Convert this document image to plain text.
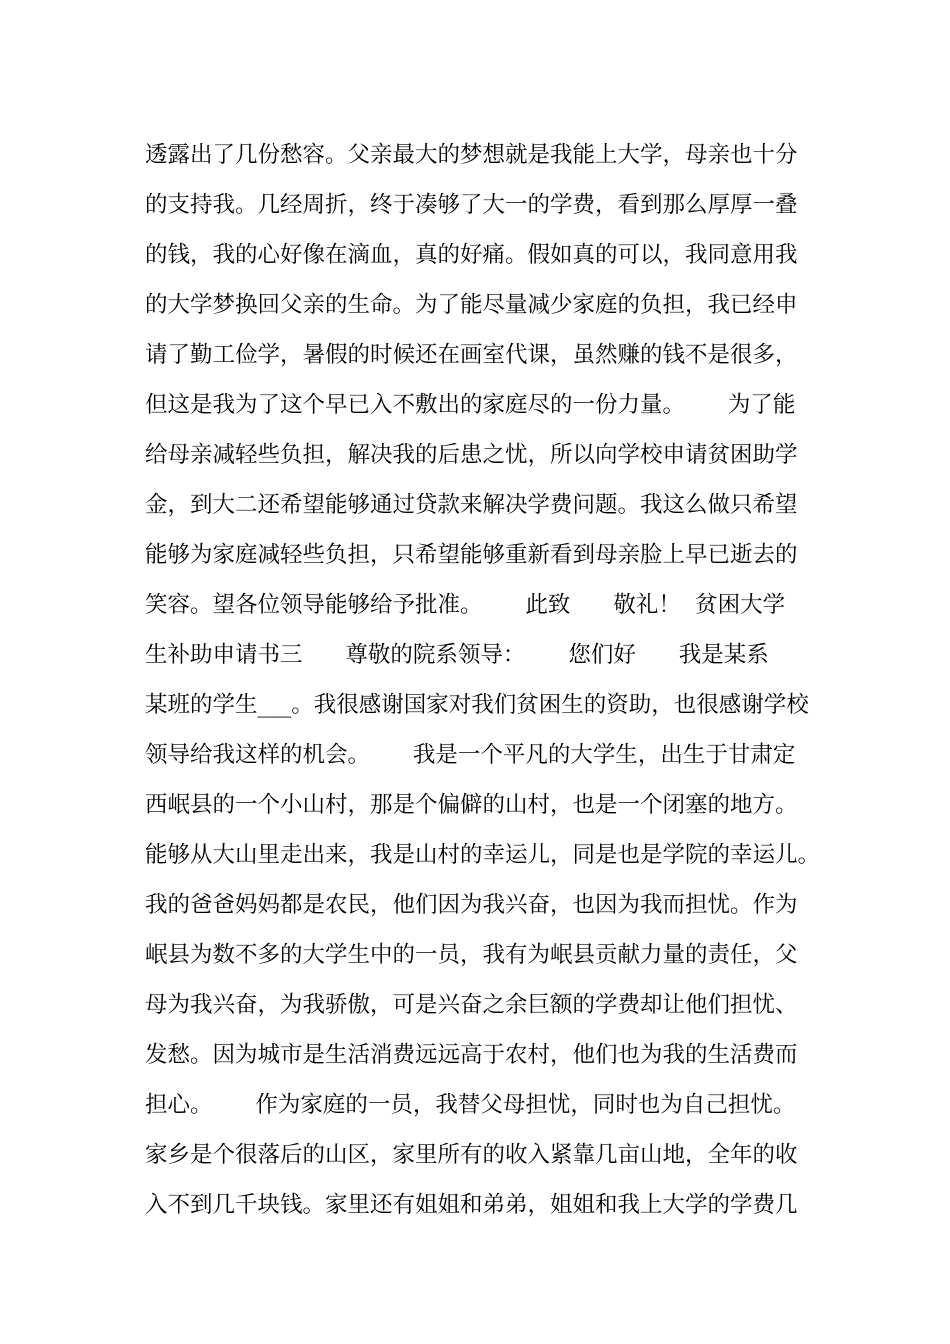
透露出了几份愁容。父亲最大的梦想就是我能上大学，母亲也十分
的支持我。几经周折，终于凑够了大一的学费，看到那么厚厚一叠
的钱，我的心好像在滴血，真的好痛。假如真的可以，我同意用我
的大学梦换回父亲的生命。为了能尽量减少家庭的负担，我已经申
请了勤工俭学，暑假的时候还在画室代课，虽然赚的钱不是很多，
但这是我为了这个早已入不敷出的家庭尽的一份力量。      为了能
给母亲减轻些负担，解决我的后患之忧，所以向学校申请贫困助学
金，到大二还希望能够通过贷款来解决学费问题。我这么做只希望
能够为家庭减轻些负担，只希望能够重新看到母亲脸上早已逝去的
笑容。望各位领导能够给予批准。      此致      敬礼！  贫困大学
生补助申请书三      尊敬的院系领导：      您们好      我是某系
某班的学生___。我很感谢国家对我们贫困生的资助，也很感谢学校
领导给我这样的机会。      我是一个平凡的大学生，出生于甘肃定
西岷县的一个小山村，那是个偏僻的山村，也是一个闭塞的地方。
能够从大山里走出来，我是山村的幸运儿，同是也是学院的幸运儿。
我的爸爸妈妈都是农民，他们因为我兴奋，也因为我而担忧。作为
岷县为数不多的大学生中的一员，我有为岷县贡献力量的责任，父
母为我兴奋，为我骄傲，可是兴奋之余巨额的学费却让他们担忧、
发愁。因为城市是生活消费远远高于农村，他们也为我的生活费而
担心。      作为家庭的一员，我替父母担忧，同时也为自己担忧。
家乡是个很落后的山区，家里所有的收入紧靠几亩山地，全年的收
入不到几千块钱。家里还有姐姐和弟弟，姐姐和我上大学的学费几
